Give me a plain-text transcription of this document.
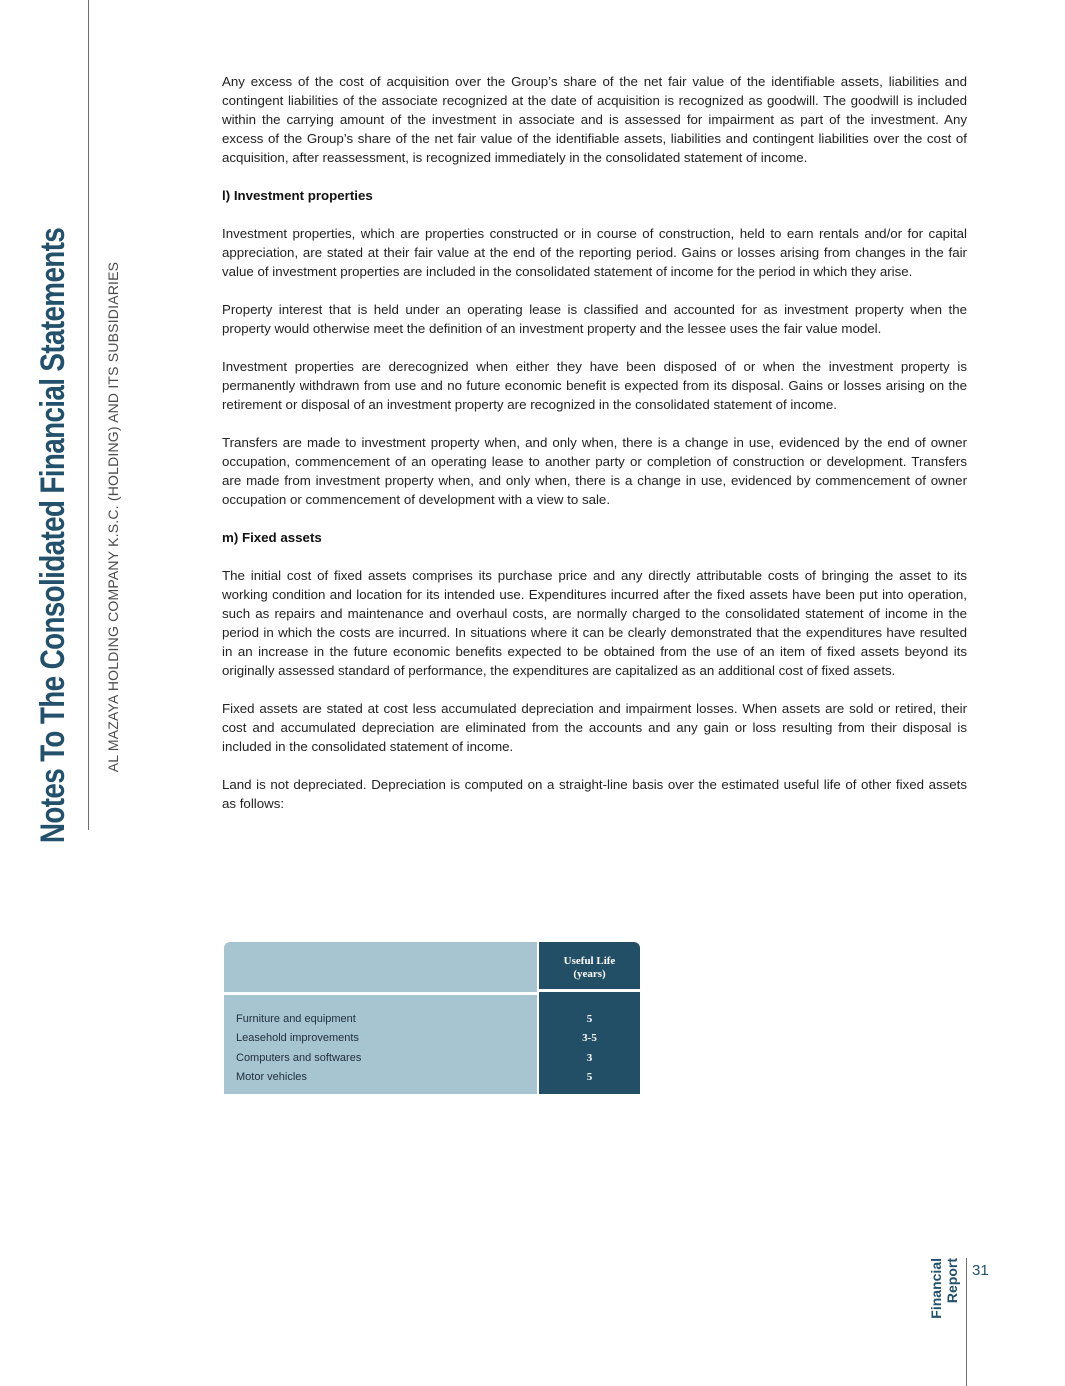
Notes To The Consolidated Financial Statements	AL MAZAYA HOLDING COMPANY K.S.C. (HOLDING) AND ITS SUBSIDIARIES

Any excess of the cost of acquisition over the Group’s share of the net fair value of the identifiable assets, liabilities and contingent liabilities of the associate recognized at the date of acquisition is recognized as goodwill. The goodwill is included within the carrying amount of the investment in associate and is assessed for impairment as part of the investment. Any excess of the Group’s share of the net fair value of the identifiable assets, liabilities and contingent liabilities over the cost of acquisition, after reassessment, is recognized immediately in the consolidated statement of income.

l) Investment properties

Investment properties, which are properties constructed or in course of construction, held to earn rentals and/or for capital appreciation, are stated at their fair value at the end of the reporting period. Gains or losses arising from changes in the fair value of investment properties are included in the consolidated statement of income for the period in which they arise.

Property interest that is held under an operating lease is classified and accounted for as investment property when the property would otherwise meet the definition of an investment property and the lessee uses the fair value model.

Investment properties are derecognized when either they have been disposed of or when the investment property is permanently withdrawn from use and no future economic benefit is expected from its disposal. Gains or losses arising on the retirement or disposal of an investment property are recognized in the consolidated statement of income.

Transfers are made to investment property when, and only when, there is a change in use, evidenced by the end of owner occupation, commencement of an operating lease to another party or completion of construction or development. Transfers are made from investment property when, and only when, there is a change in use, evidenced by commencement of owner occupation or commencement of development with a view to sale.

m) Fixed assets

The initial cost of fixed assets comprises its purchase price and any directly attributable costs of bringing the asset to its working condition and location for its intended use. Expenditures incurred after the fixed assets have been put into operation, such as repairs and maintenance and overhaul costs, are normally charged to the consolidated statement of income in the period in which the costs are incurred. In situations where it can be clearly demonstrated that the expenditures have resulted in an increase in the future economic benefits expected to be obtained from the use of an item of fixed assets beyond its originally assessed standard of performance, the expenditures are capitalized as an additional cost of fixed assets.

Fixed assets are stated at cost less accumulated depreciation and impairment losses. When assets are sold or retired, their cost and accumulated depreciation are eliminated from the accounts and any gain or loss resulting from their disposal is included in the consolidated statement of income.

Land is not depreciated. Depreciation is computed on a straight-line basis over the estimated useful life of other fixed assets as follows:

Useful Life
(years)
Furniture and equipment	5
Leasehold improvements	3-5
Computers and softwares	3
Motor vehicles	5
Financial Report 31
